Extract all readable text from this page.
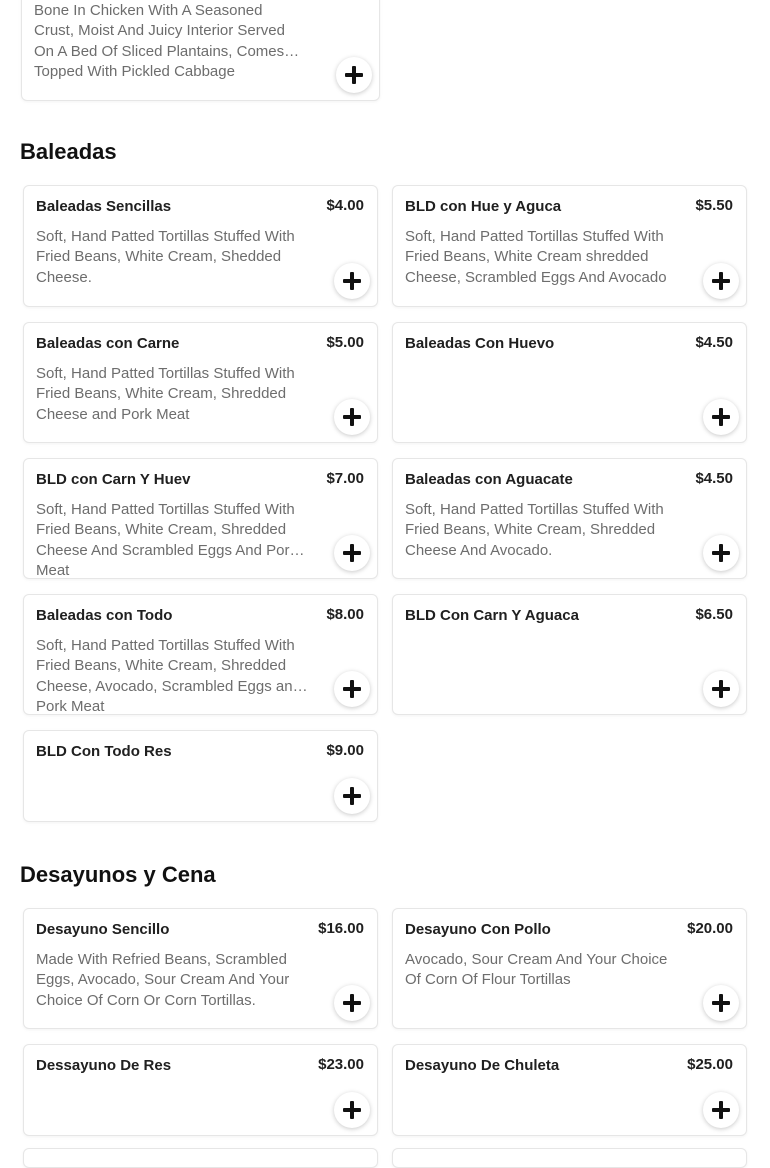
Bone In Chicken With A Seasoned Crust, Moist And Juicy Interior Served On A Bed Of Sliced Plantains, Comes Topped With Pickled Cabbage
Baleadas
Baleadas Sencillas	$4.00
Soft, Hand Patted Tortillas Stuffed With Fried Beans, White Cream, Shedded Cheese.
BLD con Hue y Aguca	$5.50
Soft, Hand Patted Tortillas Stuffed With Fried Beans, White Cream shredded Cheese, Scrambled Eggs And Avocado
Baleadas con Carne	$5.00
Soft, Hand Patted Tortillas Stuffed With Fried Beans, White Cream, Shredded Cheese and Pork Meat
Baleadas Con Huevo	$4.50
BLD con Carn Y Huev	$7.00
Soft, Hand Patted Tortillas Stuffed With Fried Beans, White Cream, Shredded Cheese And Scrambled Eggs And Pork Meat
Baleadas con Aguacate	$4.50
Soft, Hand Patted Tortillas Stuffed With Fried Beans, White Cream, Shredded Cheese And Avocado.
Baleadas con Todo	$8.00
Soft, Hand Patted Tortillas Stuffed With Fried Beans, White Cream, Shredded Cheese, Avocado, Scrambled Eggs and Pork Meat
BLD Con Carn Y Aguaca	$6.50
BLD Con Todo Res	$9.00
Desayunos y Cena
Desayuno Sencillo	$16.00
Made With Refried Beans, Scrambled Eggs, Avocado, Sour Cream And Your Choice Of Corn Or Corn Tortillas.
Desayuno Con Pollo	$20.00
Avocado, Sour Cream And Your Choice Of Corn Of Flour Tortillas
Dessayuno De Res	$23.00	Desayuno De Chuleta	$25.00
